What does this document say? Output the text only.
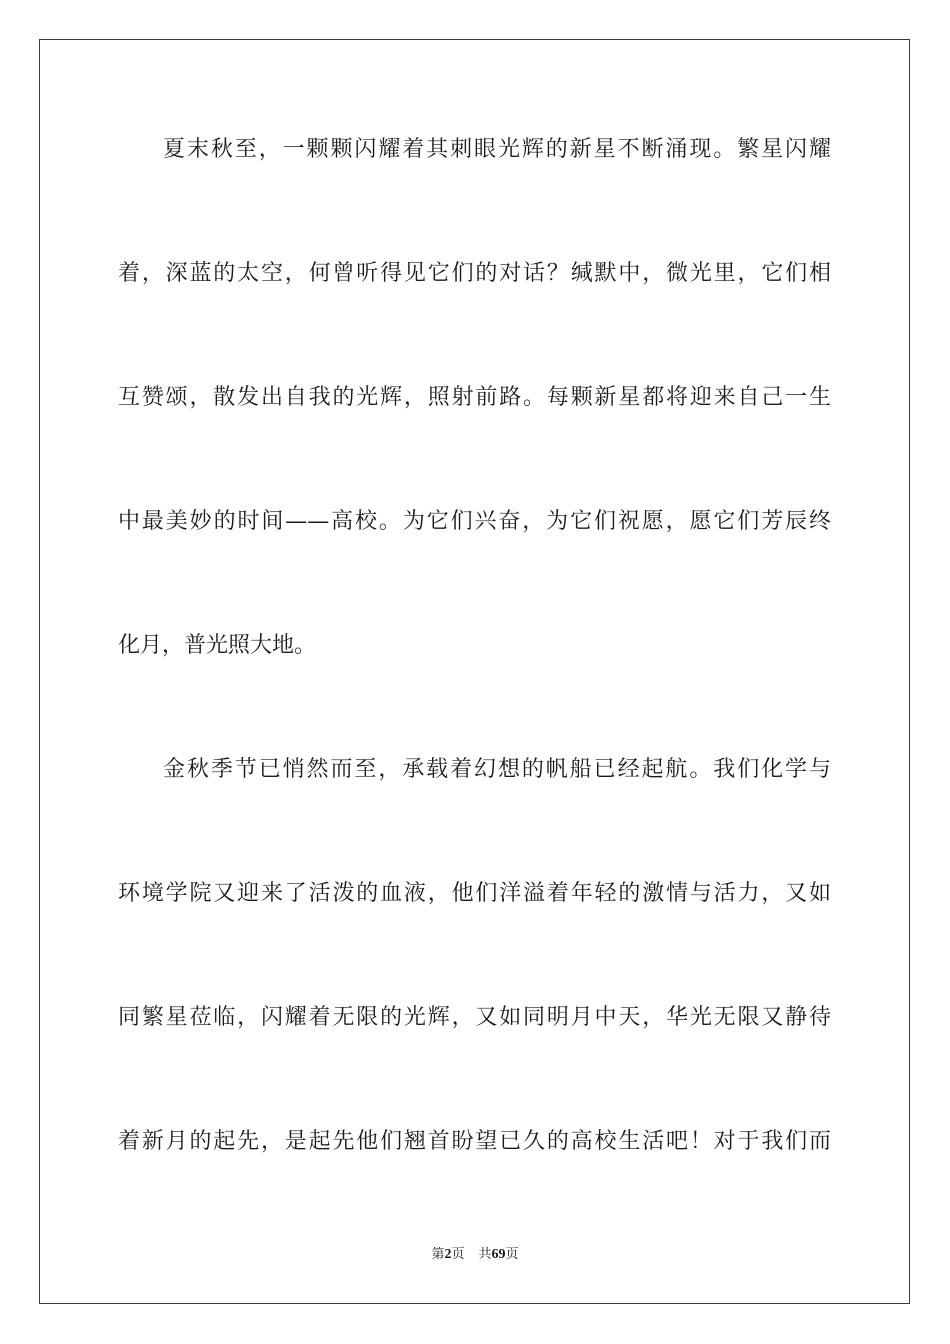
夏末秋至，一颗颗闪耀着其刺眼光辉的新星不断涌现。繁星闪耀

着，深蓝的太空，何曾听得见它们的对话？缄默中，微光里，它们相

互赞颂，散发出自我的光辉，照射前路。每颗新星都将迎来自己一生

中最美妙的时间——高校。为它们兴奋，为它们祝愿，愿它们芳辰终

化月，普光照大地。

金秋季节已悄然而至，承载着幻想的帆船已经起航。我们化学与

环境学院又迎来了活泼的血液，他们洋溢着年轻的激情与活力，又如

同繁星莅临，闪耀着无限的光辉，又如同明月中天，华光无限又静待

着新月的起先，是起先他们翘首盼望已久的高校生活吧！对于我们而

第2页 共69页
